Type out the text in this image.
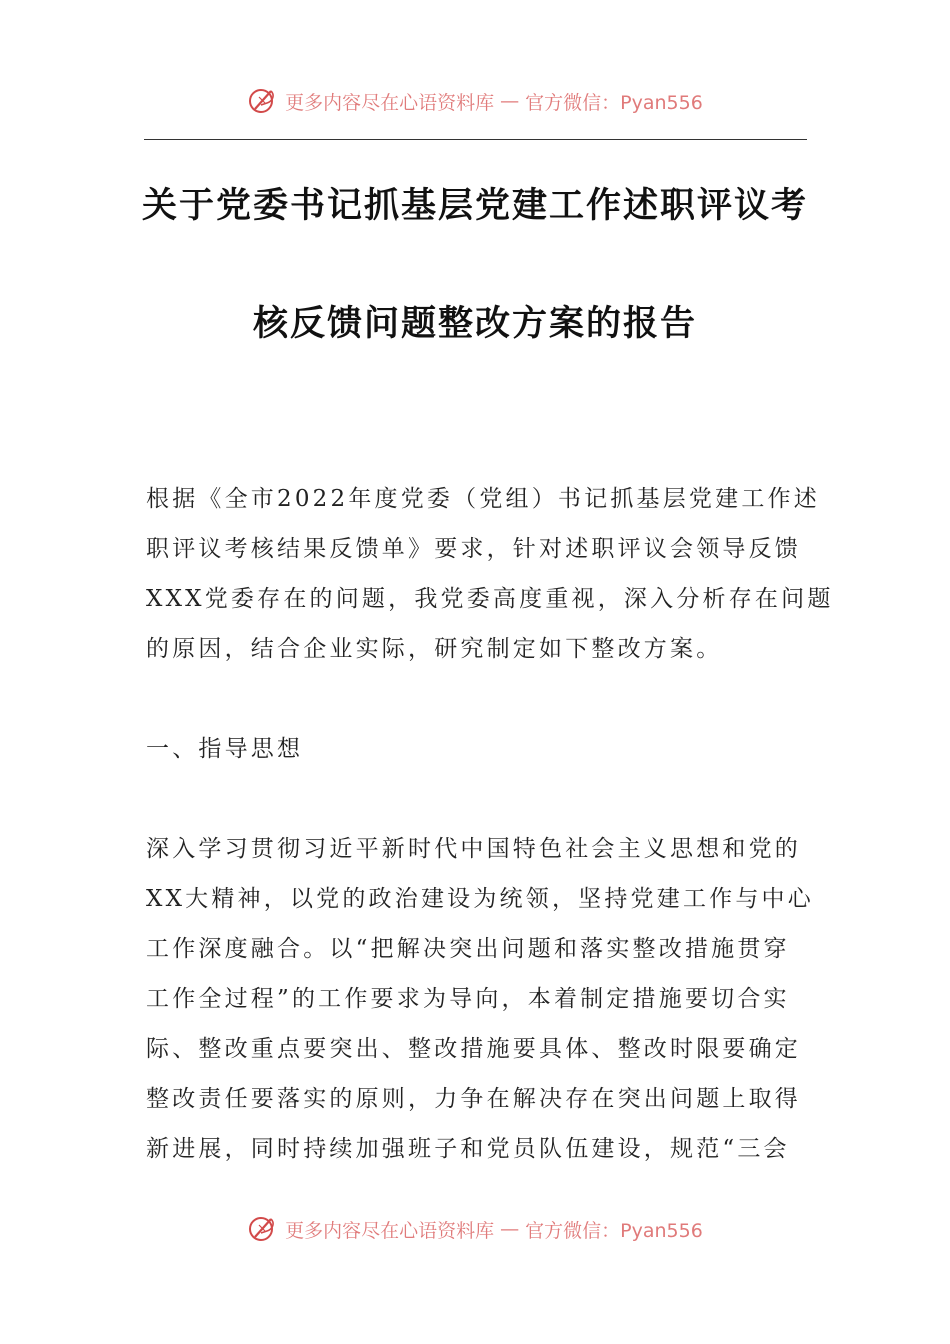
更多内容尽在心语资料库 — 官方微信：Pyan556
关于党委书记抓基层党建工作述职评议考
核反馈问题整改方案的报告
根据《全市2022年度党委（党组）书记抓基层党建工作述
职评议考核结果反馈单》要求，针对述职评议会领导反馈
XXX党委存在的问题，我党委高度重视，深入分析存在问题
的原因，结合企业实际，研究制定如下整改方案。
一、指导思想
深入学习贯彻习近平新时代中国特色社会主义思想和党的
XX大精神，以党的政治建设为统领，坚持党建工作与中心
工作深度融合。以“把解决突出问题和落实整改措施贯穿
工作全过程”的工作要求为导向，本着制定措施要切合实
际、整改重点要突出、整改措施要具体、整改时限要确定
整改责任要落实的原则，力争在解决存在突出问题上取得
新进展，同时持续加强班子和党员队伍建设，规范“三会
更多内容尽在心语资料库 — 官方微信：Pyan556
